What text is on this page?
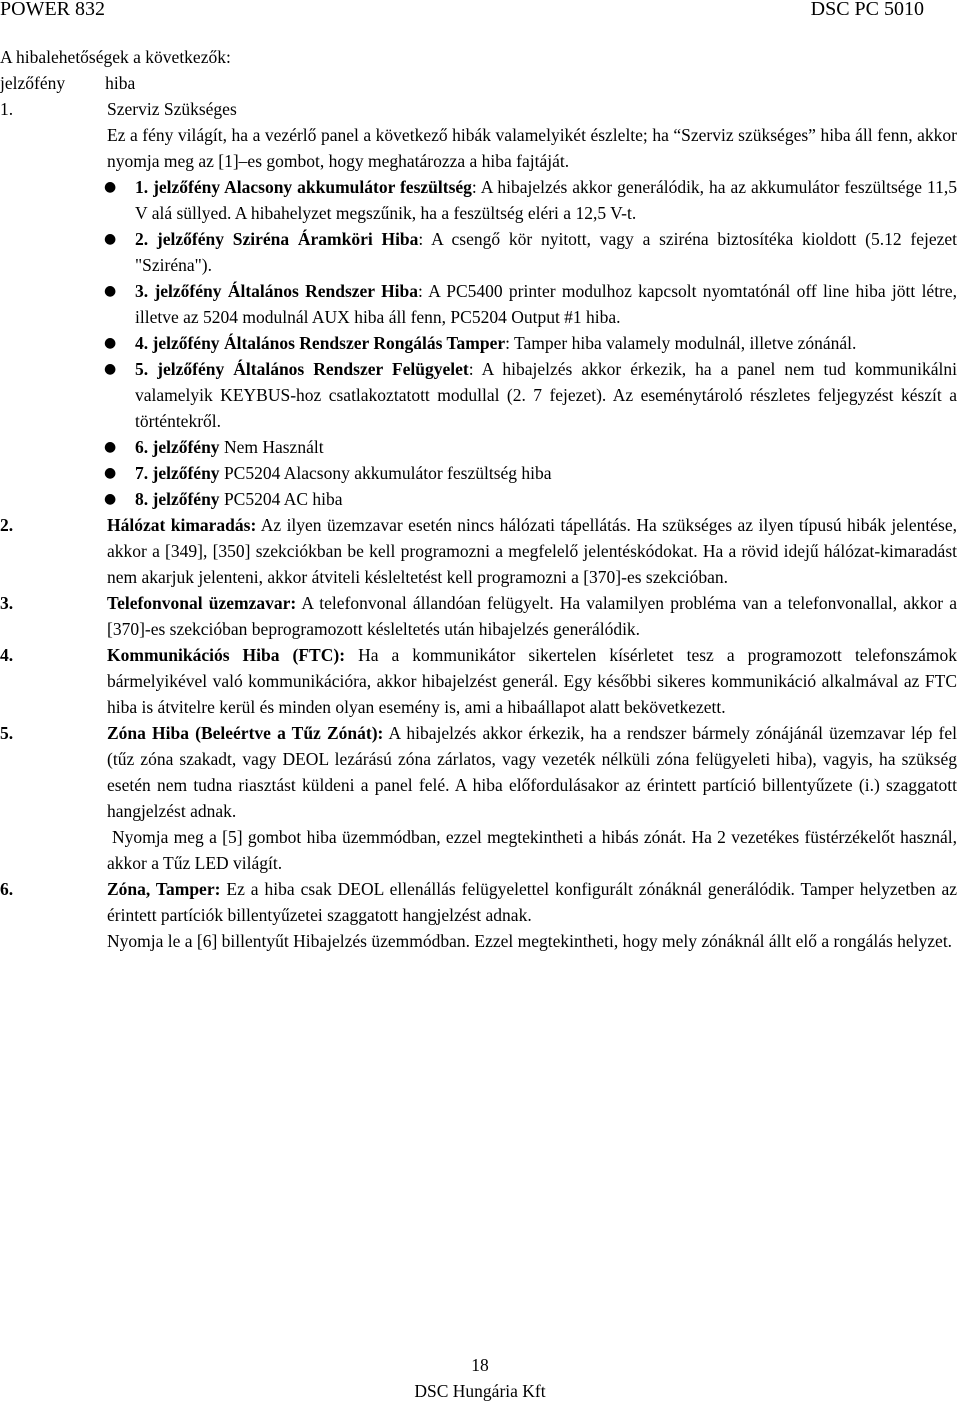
POWER 832	DSC PC 5010

A hibalehetőségek a következők:

jelzőfény hiba

1.	Szerviz Szükséges

Ez a fény világít, ha a vezérlő panel a következő hibák valamelyikét észlelte; ha “Szerviz szükséges” hiba áll fenn, akkor nyomja meg az [1]–es gombot, hogy meghatározza a hiba fajtáját.

● 1. jelzőfény Alacsony akkumulátor feszültség: A hibajelzés akkor generálódik, ha az akkumulátor feszültsége 11,5 V alá süllyed. A hibahelyzet megszűnik, ha a feszültség eléri a 12,5 V-t.
● 2. jelzőfény Sziréna Áramköri Hiba: A csengő kör nyitott, vagy a sziréna biztosítéka kioldott (5.12 fejezet "Sziréna").
● 3. jelzőfény Általános Rendszer Hiba: A PC5400 printer modulhoz kapcsolt nyomtatónál off line hiba jött létre, illetve az 5204 modulnál AUX hiba áll fenn, PC5204 Output #1 hiba.
● 4. jelzőfény Általános Rendszer Rongálás Tamper: Tamper hiba valamely modulnál, illetve zónánál.
● 5. jelzőfény Általános Rendszer Felügyelet: A hibajelzés akkor érkezik, ha a panel nem tud kommunikálni valamelyik KEYBUS-hoz csatlakoztatott modullal (2. 7 fejezet). Az eseménytároló részletes feljegyzést készít a történtekről.
● 6. jelzőfény Nem Használt
● 7. jelzőfény PC5204 Alacsony akkumulátor feszültség hiba
● 8. jelzőfény PC5204 AC hiba
2.	Hálózat kimaradás: Az ilyen üzemzavar esetén nincs hálózati tápellátás. Ha szükséges az ilyen típusú hibák jelentése, akkor a [349], [350] szekciókban be kell programozni a megfelelő jelentéskódokat. Ha a rövid idejű hálózat-kimaradást nem akarjuk jelenteni, akkor átviteli késleltetést kell programozni a [370]-es szekcióban.

3.	Telefonvonal üzemzavar: A telefonvonal állandóan felügyelt. Ha valamilyen probléma van a telefonvonallal, akkor a [370]-es szekcióban beprogramozott késleltetés után hibajelzés generálódik.

4.	Kommunikációs Hiba (FTC): Ha a kommunikátor sikertelen kísérletet tesz a programozott telefonszámok bármelyikével való kommunikációra, akkor hibajelzést generál. Egy későbbi sikeres kommunikáció alkalmával az FTC hiba is átvitelre kerül és minden olyan esemény is, ami a hibaállapot alatt bekövetkezett.

5.	Zóna Hiba (Beleértve a Tűz Zónát): A hibajelzés akkor érkezik, ha a rendszer bármely zónájánál üzemzavar lép fel (tűz zóna szakadt, vagy DEOL lezárású zóna zárlatos, vagy vezeték nélküli zóna felügyeleti hiba), vagyis, ha szükség esetén nem tudna riasztást küldeni a panel felé. A hiba előfordulásakor az érintett partíció billentyűzete (i.) szaggatott hangjelzést adnak.

Nyomja meg a [5] gombot hiba üzemmódban, ezzel megtekintheti a hibás zónát. Ha 2 vezetékes füstérzékelőt használ, akkor a Tűz LED világít.

6.	Zóna, Tamper: Ez a hiba csak DEOL ellenállás felügyelettel konfigurált zónáknál generálódik. Tamper helyzetben az érintett partíciók billentyűzetei szaggatott hangjelzést adnak.

Nyomja le a [6] billentyűt Hibajelzés üzemmódban. Ezzel megtekintheti, hogy mely zónáknál állt elő a rongálás helyzet.

18
DSC Hungária Kft
